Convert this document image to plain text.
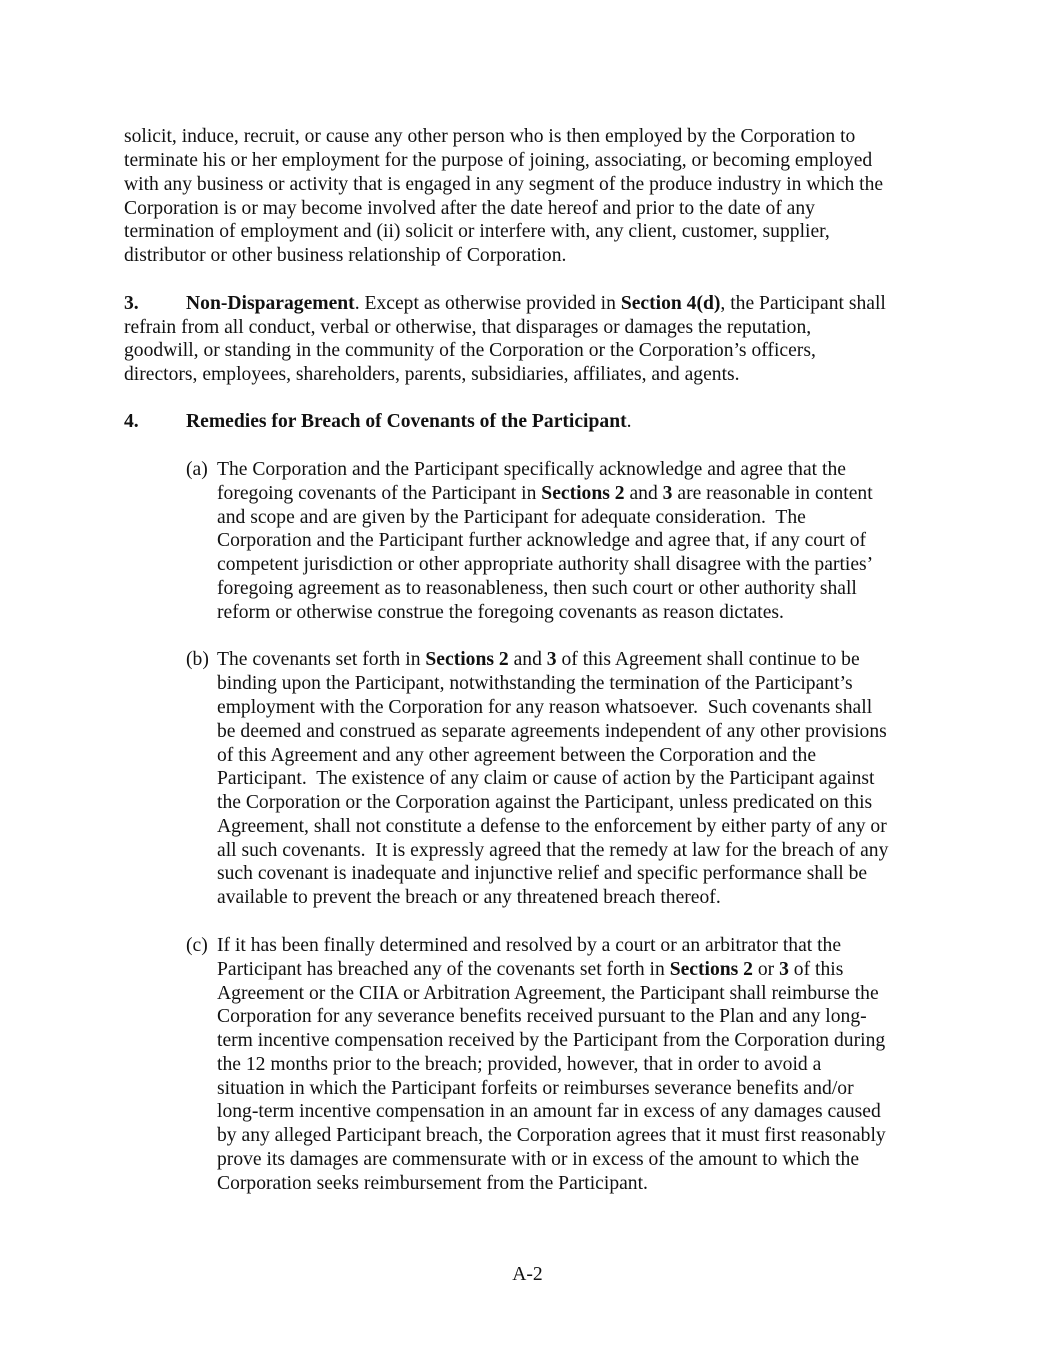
solicit, induce, recruit, or cause any other person who is then employed by the Corporation to
terminate his or her employment for the purpose of joining, associating, or becoming employed
with any business or activity that is engaged in any segment of the produce industry in which the
Corporation is or may become involved after the date hereof and prior to the date of any
termination of employment and (ii) solicit or interfere with, any client, customer, supplier,
distributor or other business relationship of Corporation.
3. Non-Disparagement. Except as otherwise provided in Section 4(d), the Participant shall
refrain from all conduct, verbal or otherwise, that disparages or damages the reputation,
goodwill, or standing in the community of the Corporation or the Corporation’s officers,
directors, employees, shareholders, parents, subsidiaries, affiliates, and agents.
4. Remedies for Breach of Covenants of the Participant.
(a) The Corporation and the Participant specifically acknowledge and agree that the
foregoing covenants of the Participant in Sections 2 and 3 are reasonable in content
and scope and are given by the Participant for adequate consideration.  The
Corporation and the Participant further acknowledge and agree that, if any court of
competent jurisdiction or other appropriate authority shall disagree with the parties’
foregoing agreement as to reasonableness, then such court or other authority shall
reform or otherwise construe the foregoing covenants as reason dictates.
(b) The covenants set forth in Sections 2 and 3 of this Agreement shall continue to be
binding upon the Participant, notwithstanding the termination of the Participant’s
employment with the Corporation for any reason whatsoever.  Such covenants shall
be deemed and construed as separate agreements independent of any other provisions
of this Agreement and any other agreement between the Corporation and the
Participant.  The existence of any claim or cause of action by the Participant against
the Corporation or the Corporation against the Participant, unless predicated on this
Agreement, shall not constitute a defense to the enforcement by either party of any or
all such covenants.  It is expressly agreed that the remedy at law for the breach of any
such covenant is inadequate and injunctive relief and specific performance shall be
available to prevent the breach or any threatened breach thereof.
(c) If it has been finally determined and resolved by a court or an arbitrator that the
Participant has breached any of the covenants set forth in Sections 2 or 3 of this
Agreement or the CIIA or Arbitration Agreement, the Participant shall reimburse the
Corporation for any severance benefits received pursuant to the Plan and any long-
term incentive compensation received by the Participant from the Corporation during
the 12 months prior to the breach; provided, however, that in order to avoid a
situation in which the Participant forfeits or reimburses severance benefits and/or
long-term incentive compensation in an amount far in excess of any damages caused
by any alleged Participant breach, the Corporation agrees that it must first reasonably
prove its damages are commensurate with or in excess of the amount to which the
Corporation seeks reimbursement from the Participant.
A-2
